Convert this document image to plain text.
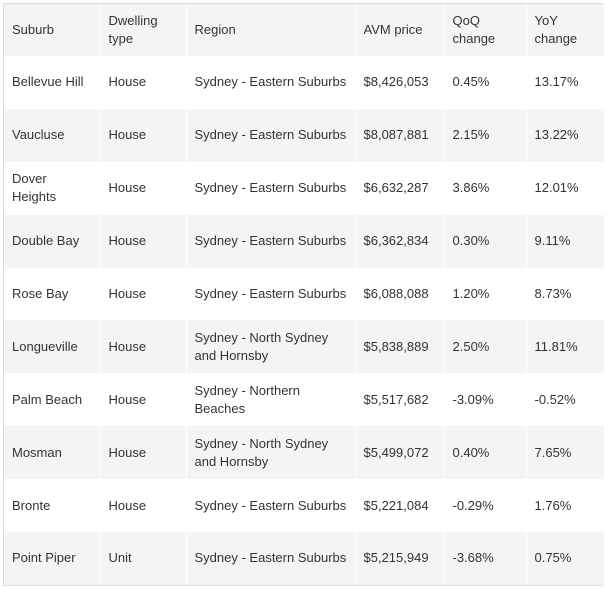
Suburb	Dwelling type	Region	AVM price	QoQ change	YoY change
Bellevue Hill	House	Sydney - Eastern Suburbs	$8,426,053	0.45%	13.17%
Vaucluse	House	Sydney - Eastern Suburbs	$8,087,881	2.15%	13.22%
Dover Heights	House	Sydney - Eastern Suburbs	$6,632,287	3.86%	12.01%
Double Bay	House	Sydney - Eastern Suburbs	$6,362,834	0.30%	9.11%
Rose Bay	House	Sydney - Eastern Suburbs	$6,088,088	1.20%	8.73%
Longueville	House	Sydney - North Sydney and Hornsby	$5,838,889	2.50%	11.81%
Palm Beach	House	Sydney - Northern Beaches	$5,517,682	-3.09%	-0.52%
Mosman	House	Sydney - North Sydney and Hornsby	$5,499,072	0.40%	7.65%
Bronte	House	Sydney - Eastern Suburbs	$5,221,084	-0.29%	1.76%
Point Piper	Unit	Sydney - Eastern Suburbs	$5,215,949	-3.68%	0.75%
